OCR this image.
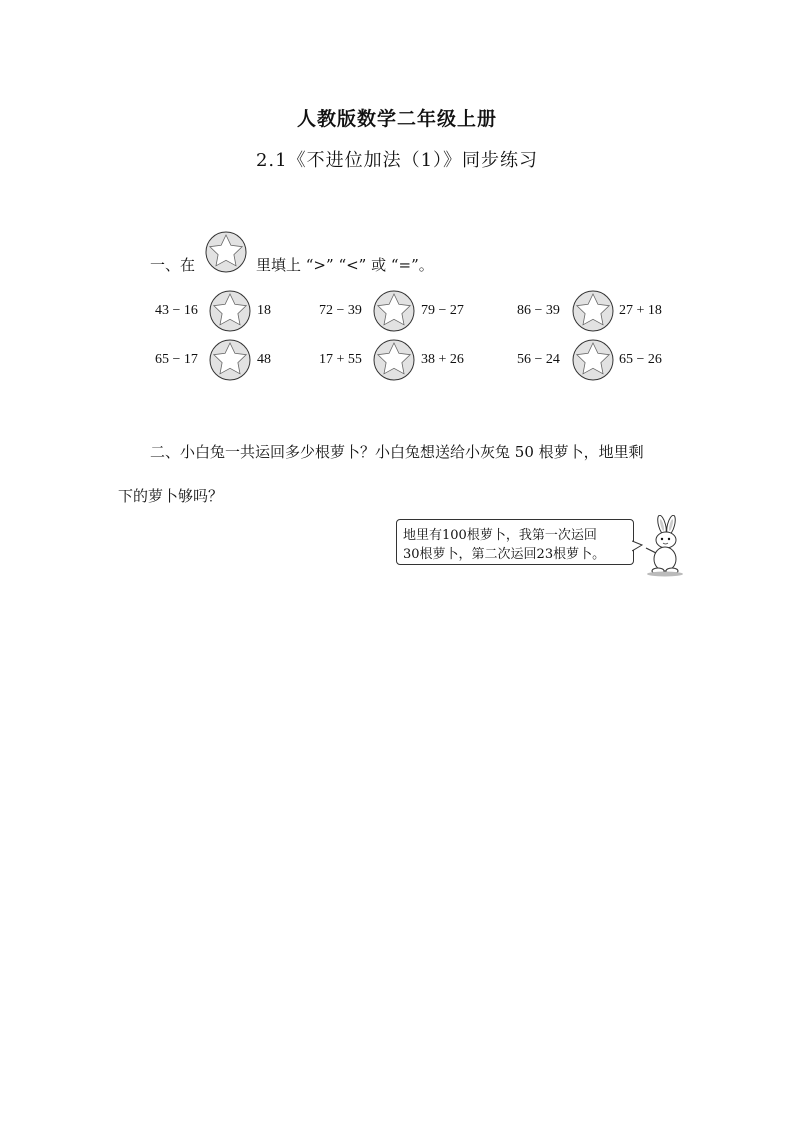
人教版数学二年级上册
2.1《不进位加法（1）》同步练习
一、在	里填上 “>” “<” 或 “=”。
43 − 16	18	72 − 39	79 − 27	86 − 39	27 + 18
65 − 17	48	17 + 55	38 + 26	56 − 24	65 − 26
二、小白兔一共运回多少根萝卜？小白兔想送给小灰兔 50 根萝卜，地里剩
下的萝卜够吗？
地里有100根萝卜，我第一次运回
30根萝卜，第二次运回23根萝卜。
